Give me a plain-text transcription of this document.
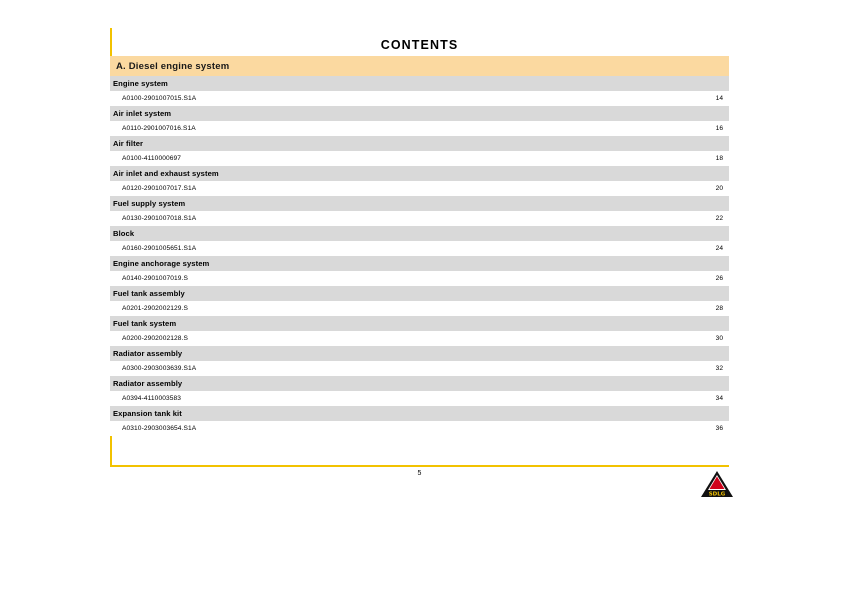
CONTENTS
A. Diesel engine system
Engine system
A0100-2901007015.S1A	14
Air inlet system
A0110-2901007016.S1A	16
Air filter
A0100-4110000697	18
Air inlet and exhaust system
A0120-2901007017.S1A	20
Fuel supply system
A0130-2901007018.S1A	22
Block
A0160-2901005651.S1A	24
Engine anchorage system
A0140-2901007019.S	26
Fuel tank assembly
A0201-2902002129.S	28
Fuel tank system
A0200-2902002128.S	30
Radiator assembly
A0300-2903003639.S1A	32
Radiator assembly
A0394-4110003583	34
Expansion tank kit
A0310-2903003654.S1A	36
5
SDLG
